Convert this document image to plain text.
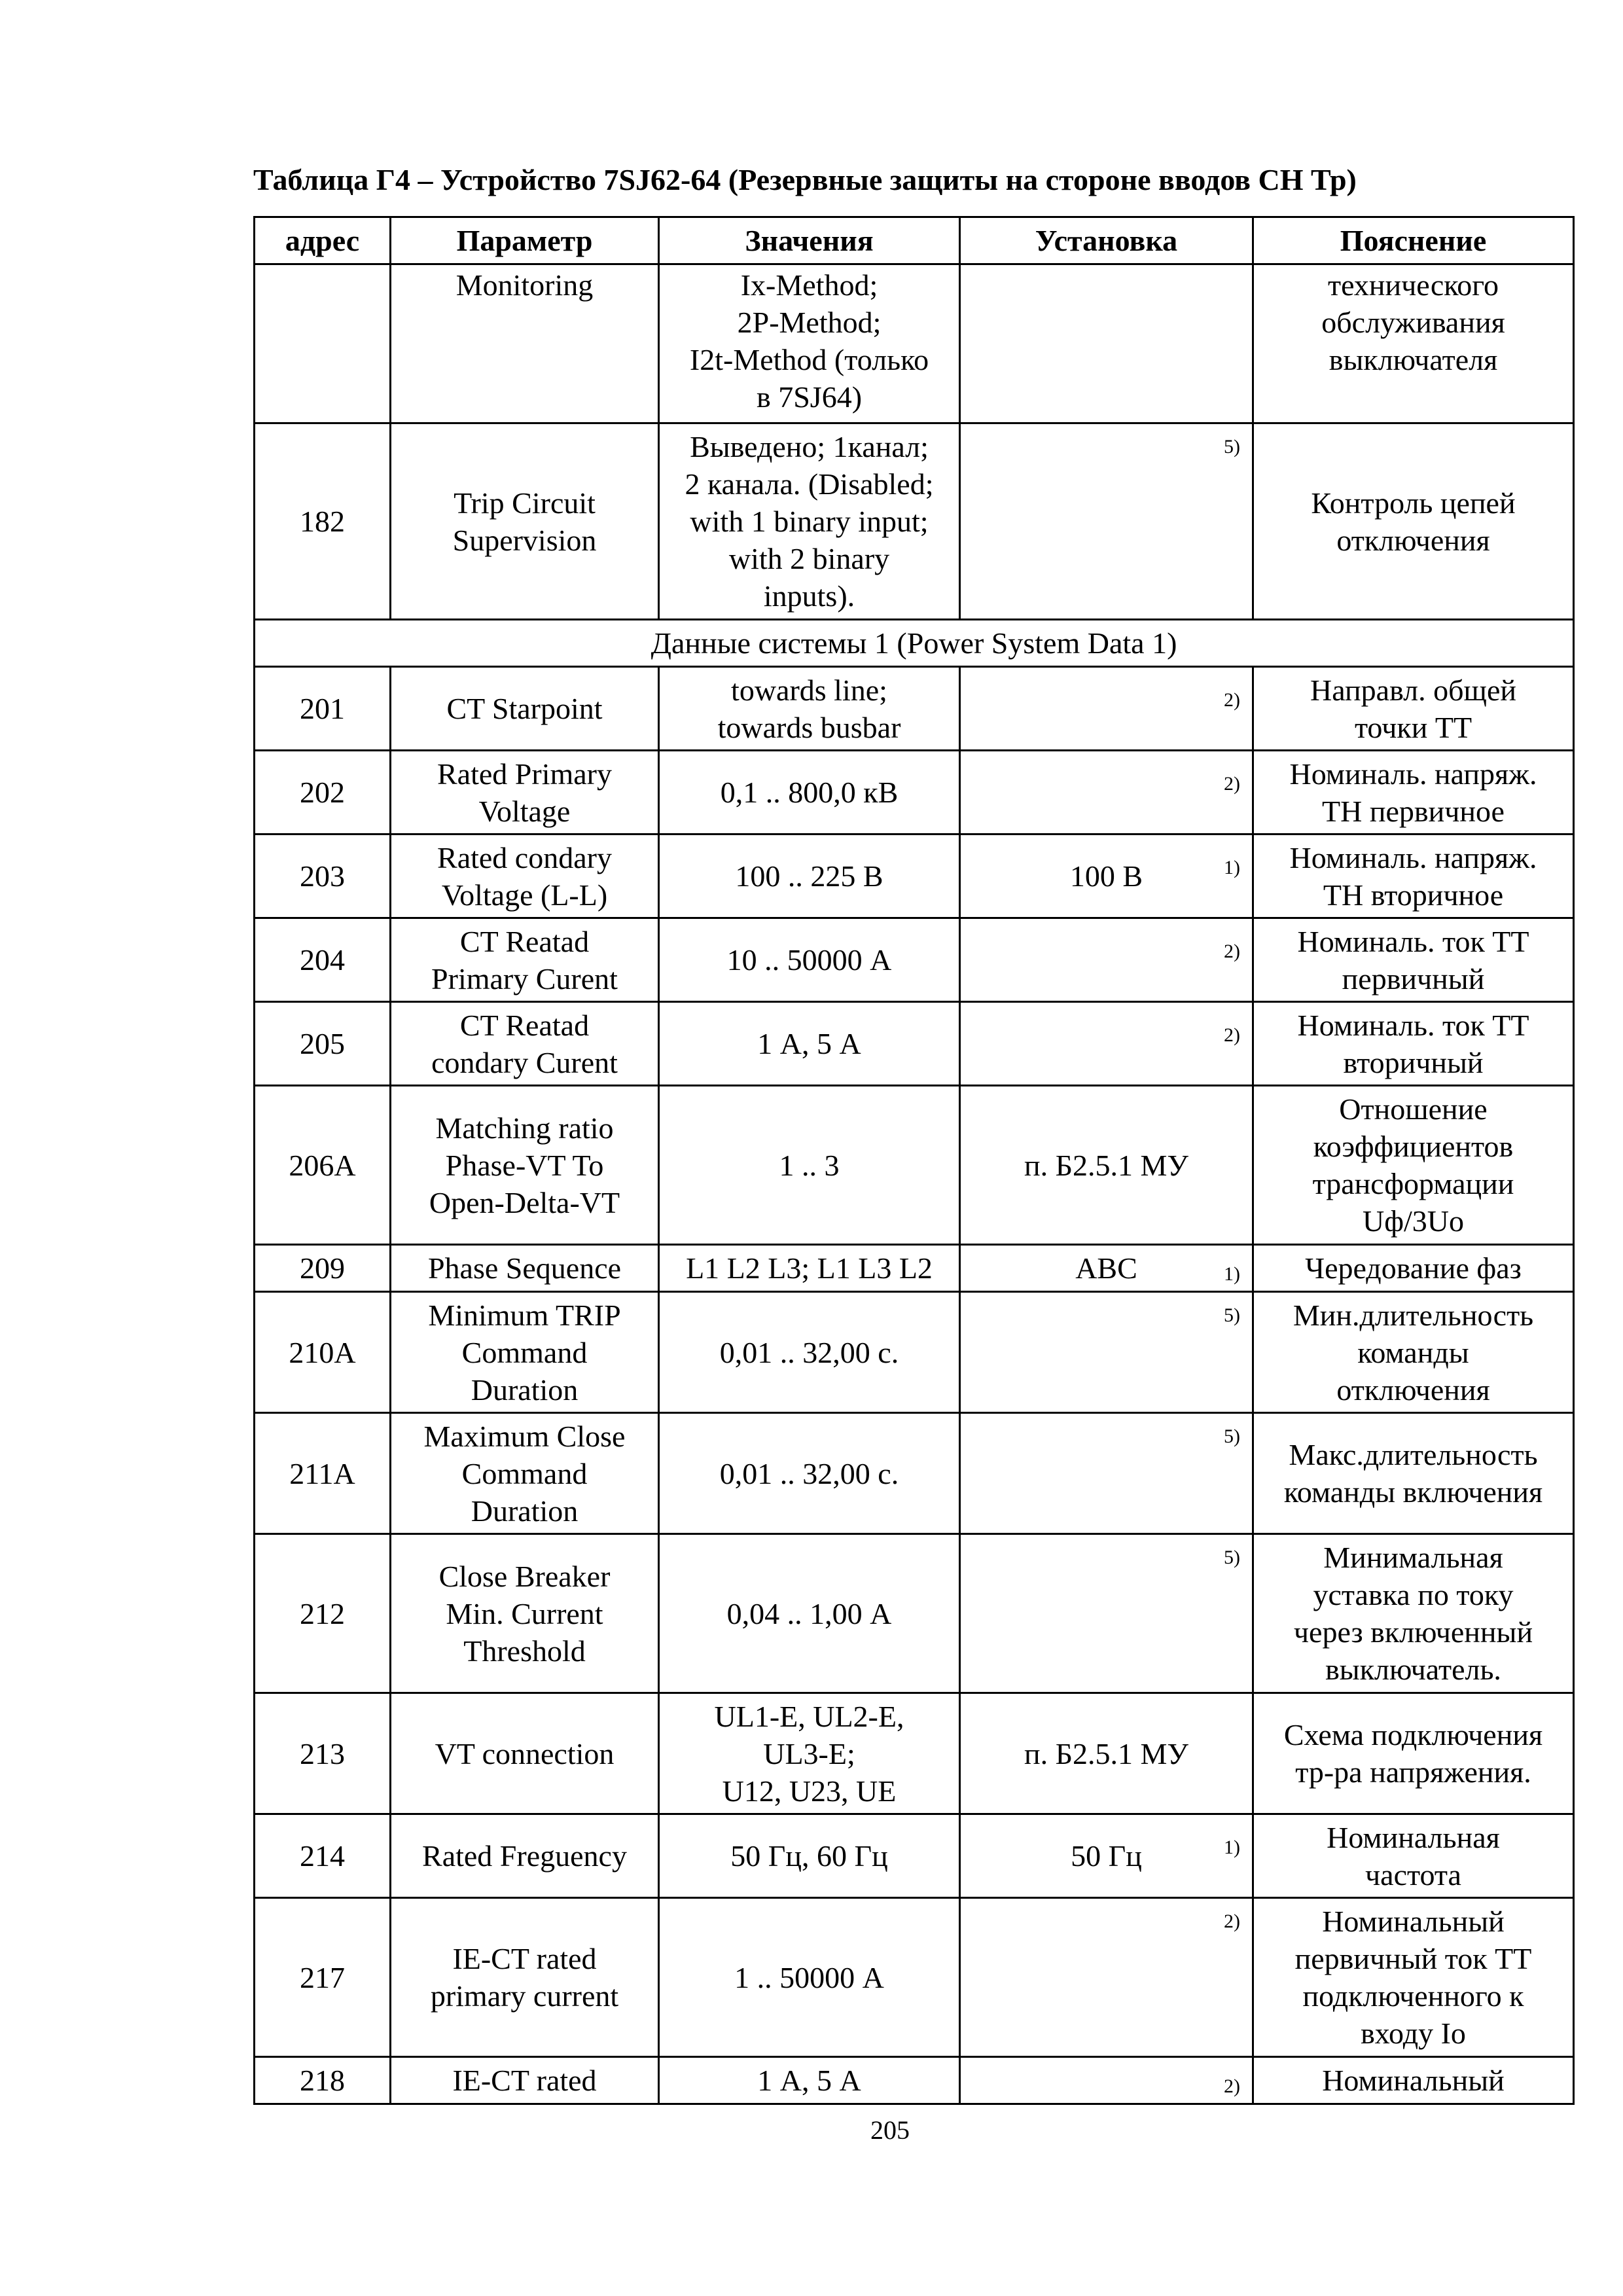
Таблица Г4 – Устройство 7SJ62-64 (Резервные защиты на стороне вводов СН Тр)
адрес	Параметр	Значения	Установка	Пояснение
	Monitoring	Ix-Method;
2P-Method;
I2t-Method (только
в 7SJ64)		технического
обслуживания
выключателя
182	Trip Circuit
Supervision	Выведено; 1канал;
2 канала. (Disabled;
with 1 binary input;
with 2 binary
inputs).	5)	Контроль цепей
отключения
Данные системы 1 (Power System Data 1)				
201	CT Starpoint	towards line;
towards busbar	2)	Направл. общей
точки ТТ
202	Rated Primary
Voltage	0,1 .. 800,0 кВ	2)	Номиналь. напряж.
ТН первичное
203	Rated condary
Voltage (L-L)	100 .. 225 В	100 В 1)	Номиналь. напряж.
ТН вторичное
204	CT Reatad
Primary Curent	10 .. 50000 А	2)	Номиналь. ток ТТ
первичный
205	CT Reatad
condary Curent	1 А, 5 А	2)	Номиналь. ток ТТ
вторичный
206A	Matching ratio
Phase-VT To
Open-Delta-VT	1 .. 3	п. Б2.5.1 МУ	Отношение
коэффициентов
трансформации
Uф/3Uo
209	Phase Sequence	L1 L2 L3; L1 L3 L2	ABC 1)	Чередование фаз
210A	Minimum TRIP
Command
Duration	0,01 .. 32,00 с.	5)	Мин.длительность
команды
отключения
211A	Maximum Close
Command
Duration	0,01 .. 32,00 с.	5)	Макс.длительность
команды включения
212	Close Breaker
Min. Current
Threshold	0,04 .. 1,00 А	5)	Минимальная
уставка по току
через включенный
выключатель.
213	VT connection	UL1-E, UL2-E,
UL3-E;
U12, U23, UE	п. Б2.5.1 МУ	Схема подключения
тр-ра напряжения.
214	Rated Freguency	50 Гц, 60 Гц	50 Гц 1)	Номинальная
частота
217	IE-CT rated
primary current	1 .. 50000 А	2)	Номинальный
первичный ток ТТ
подключенного к
входу Io
218	IE-CT rated	1 А, 5 А	2)	Номинальный
205
